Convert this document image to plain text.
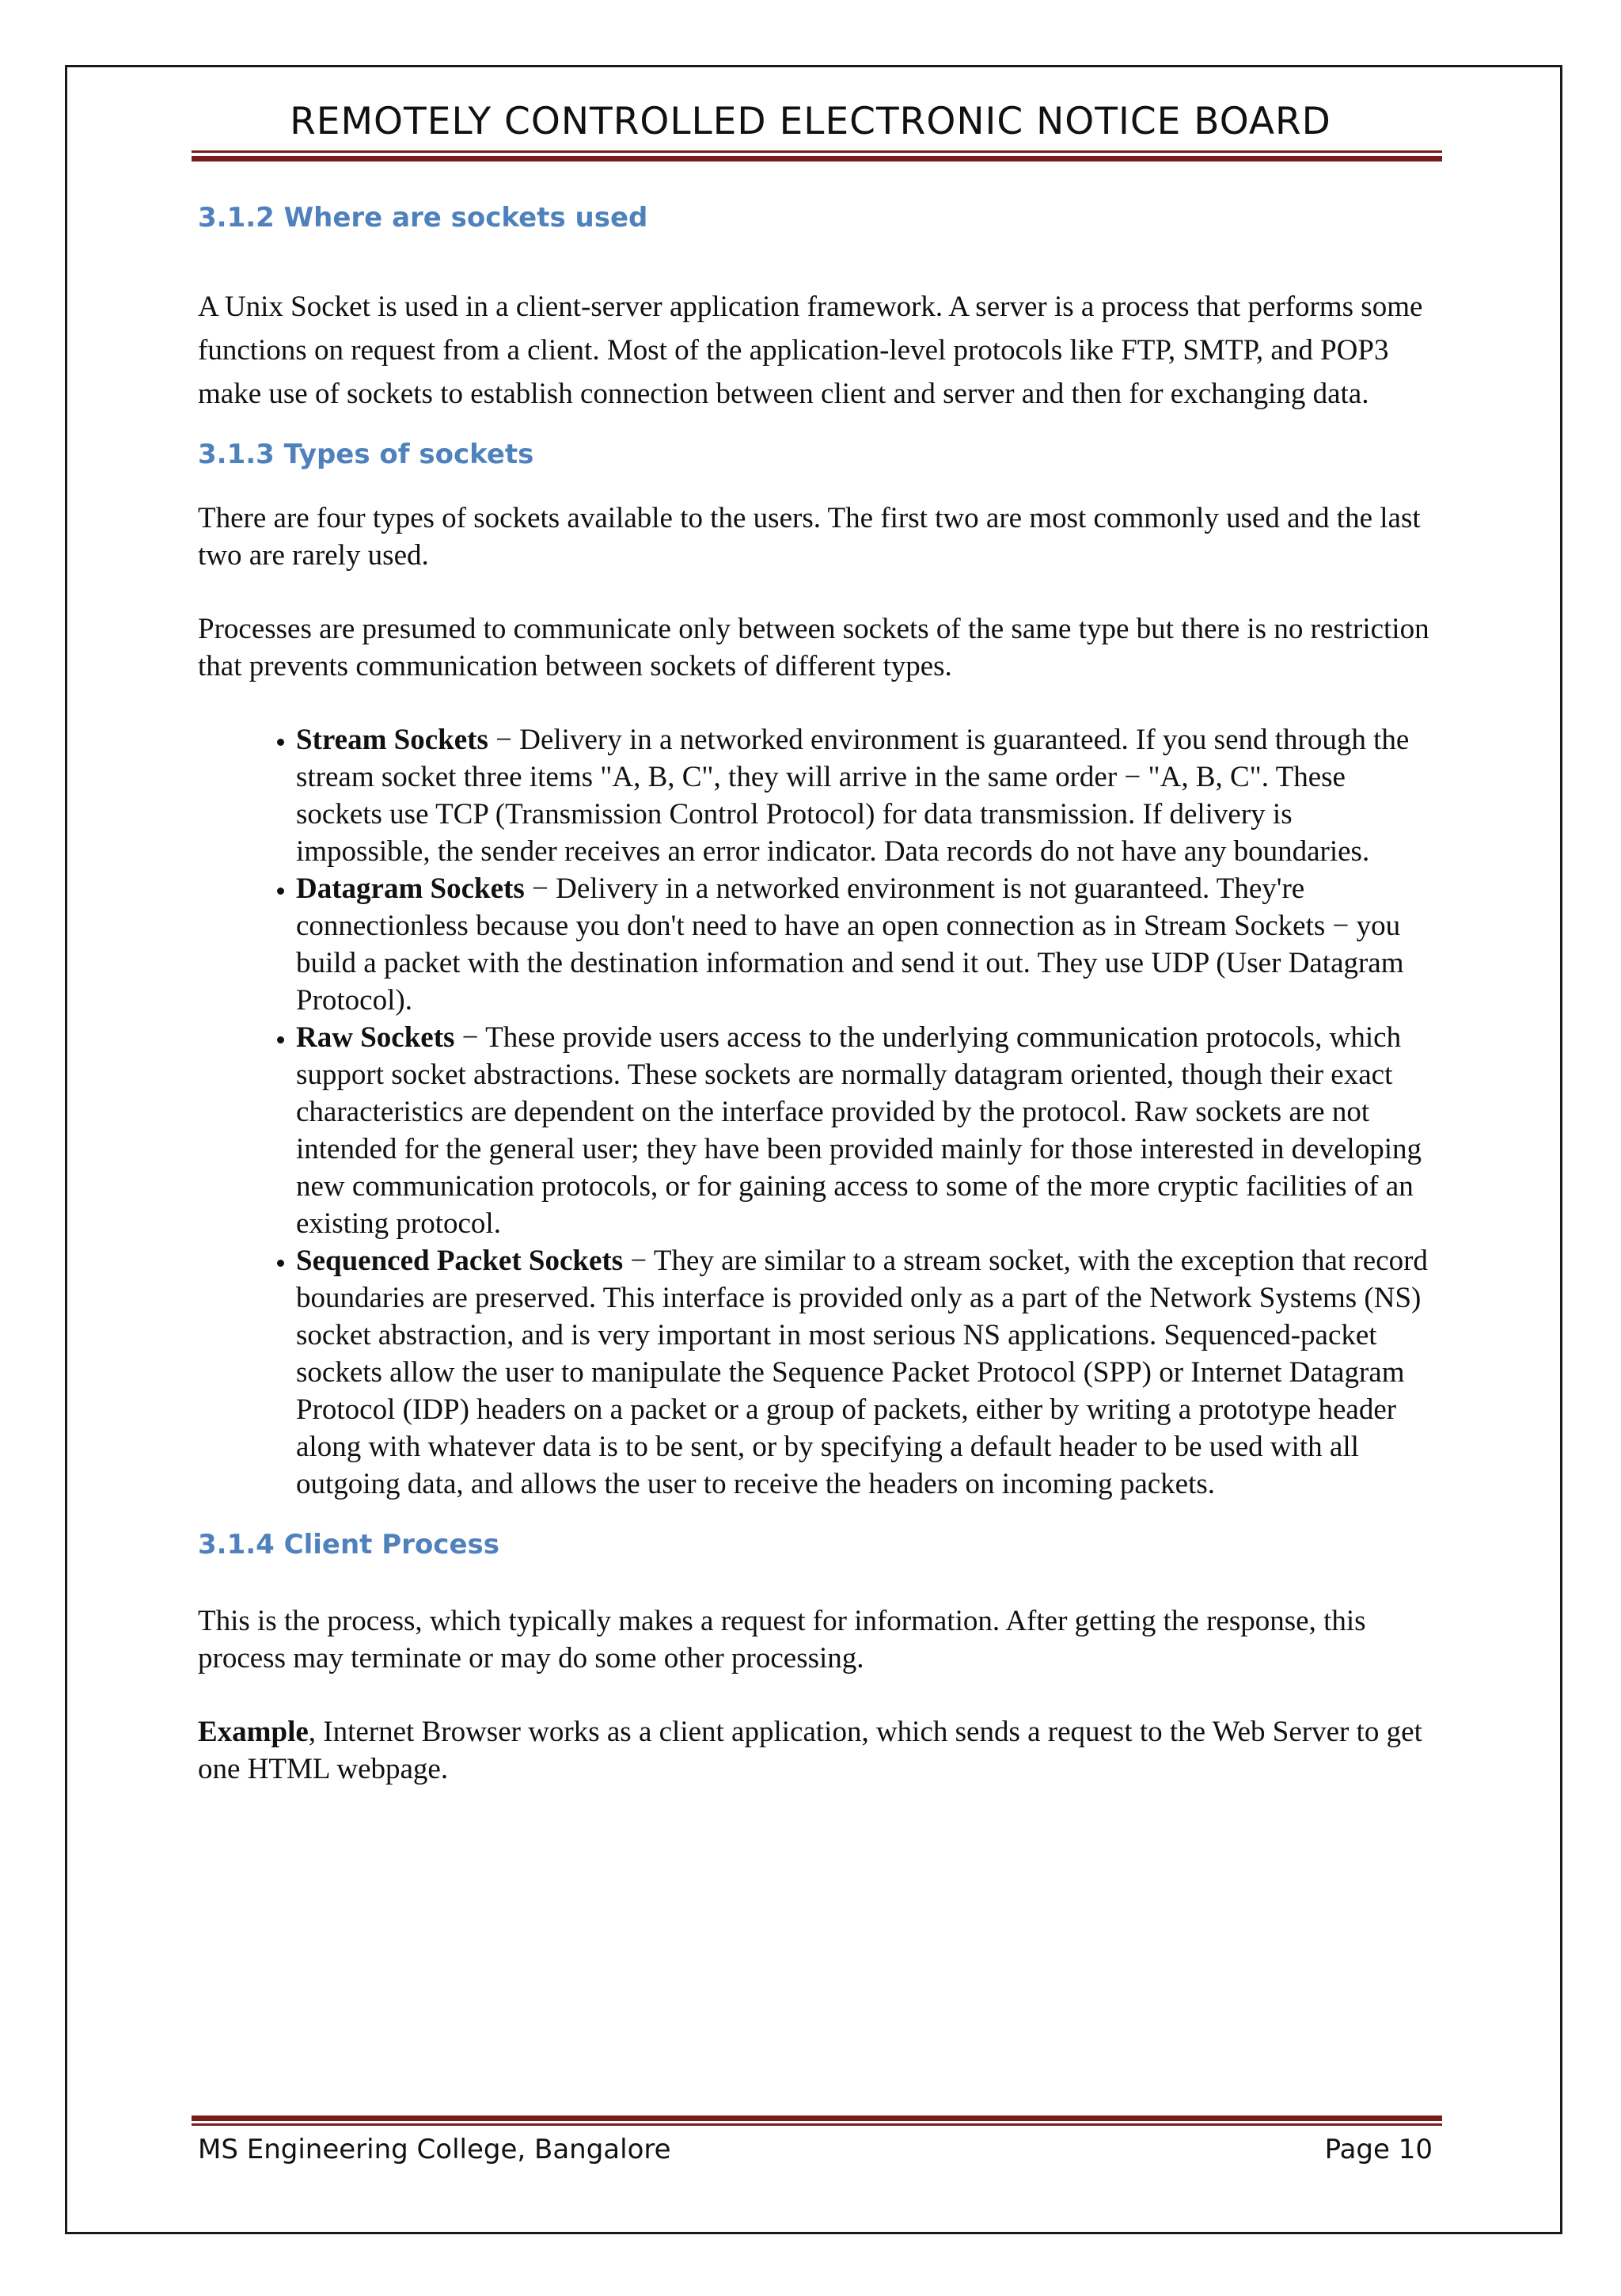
REMOTELY CONTROLLED ELECTRONIC NOTICE BOARD
3.1.2 Where are sockets used

A Unix Socket is used in a client-server application framework. A server is a process that performs some functions on request from a client. Most of the application-level protocols like FTP, SMTP, and POP3 make use of sockets to establish connection between client and server and then for exchanging data.

3.1.3 Types of sockets

There are four types of sockets available to the users. The first two are most commonly used and the last two are rarely used.

Processes are presumed to communicate only between sockets of the same type but there is no restriction that prevents communication between sockets of different types.

• Stream Sockets − Delivery in a networked environment is guaranteed. If you send through the stream socket three items "A, B, C", they will arrive in the same order − "A, B, C". These sockets use TCP (Transmission Control Protocol) for data transmission. If delivery is impossible, the sender receives an error indicator. Data records do not have any boundaries.
• Datagram Sockets − Delivery in a networked environment is not guaranteed. They're connectionless because you don't need to have an open connection as in Stream Sockets − you build a packet with the destination information and send it out. They use UDP (User Datagram Protocol).
• Raw Sockets − These provide users access to the underlying communication protocols, which support socket abstractions. These sockets are normally datagram oriented, though their exact characteristics are dependent on the interface provided by the protocol. Raw sockets are not intended for the general user; they have been provided mainly for those interested in developing new communication protocols, or for gaining access to some of the more cryptic facilities of an existing protocol.
• Sequenced Packet Sockets − They are similar to a stream socket, with the exception that record boundaries are preserved. This interface is provided only as a part of the Network Systems (NS) socket abstraction, and is very important in most serious NS applications. Sequenced-packet sockets allow the user to manipulate the Sequence Packet Protocol (SPP) or Internet Datagram Protocol (IDP) headers on a packet or a group of packets, either by writing a prototype header along with whatever data is to be sent, or by specifying a default header to be used with all outgoing data, and allows the user to receive the headers on incoming packets.
3.1.4 Client Process

This is the process, which typically makes a request for information. After getting the response, this process may terminate or may do some other processing.

Example, Internet Browser works as a client application, which sends a request to the Web Server to get one HTML webpage.

MS Engineering College, Bangalore	Page 10
